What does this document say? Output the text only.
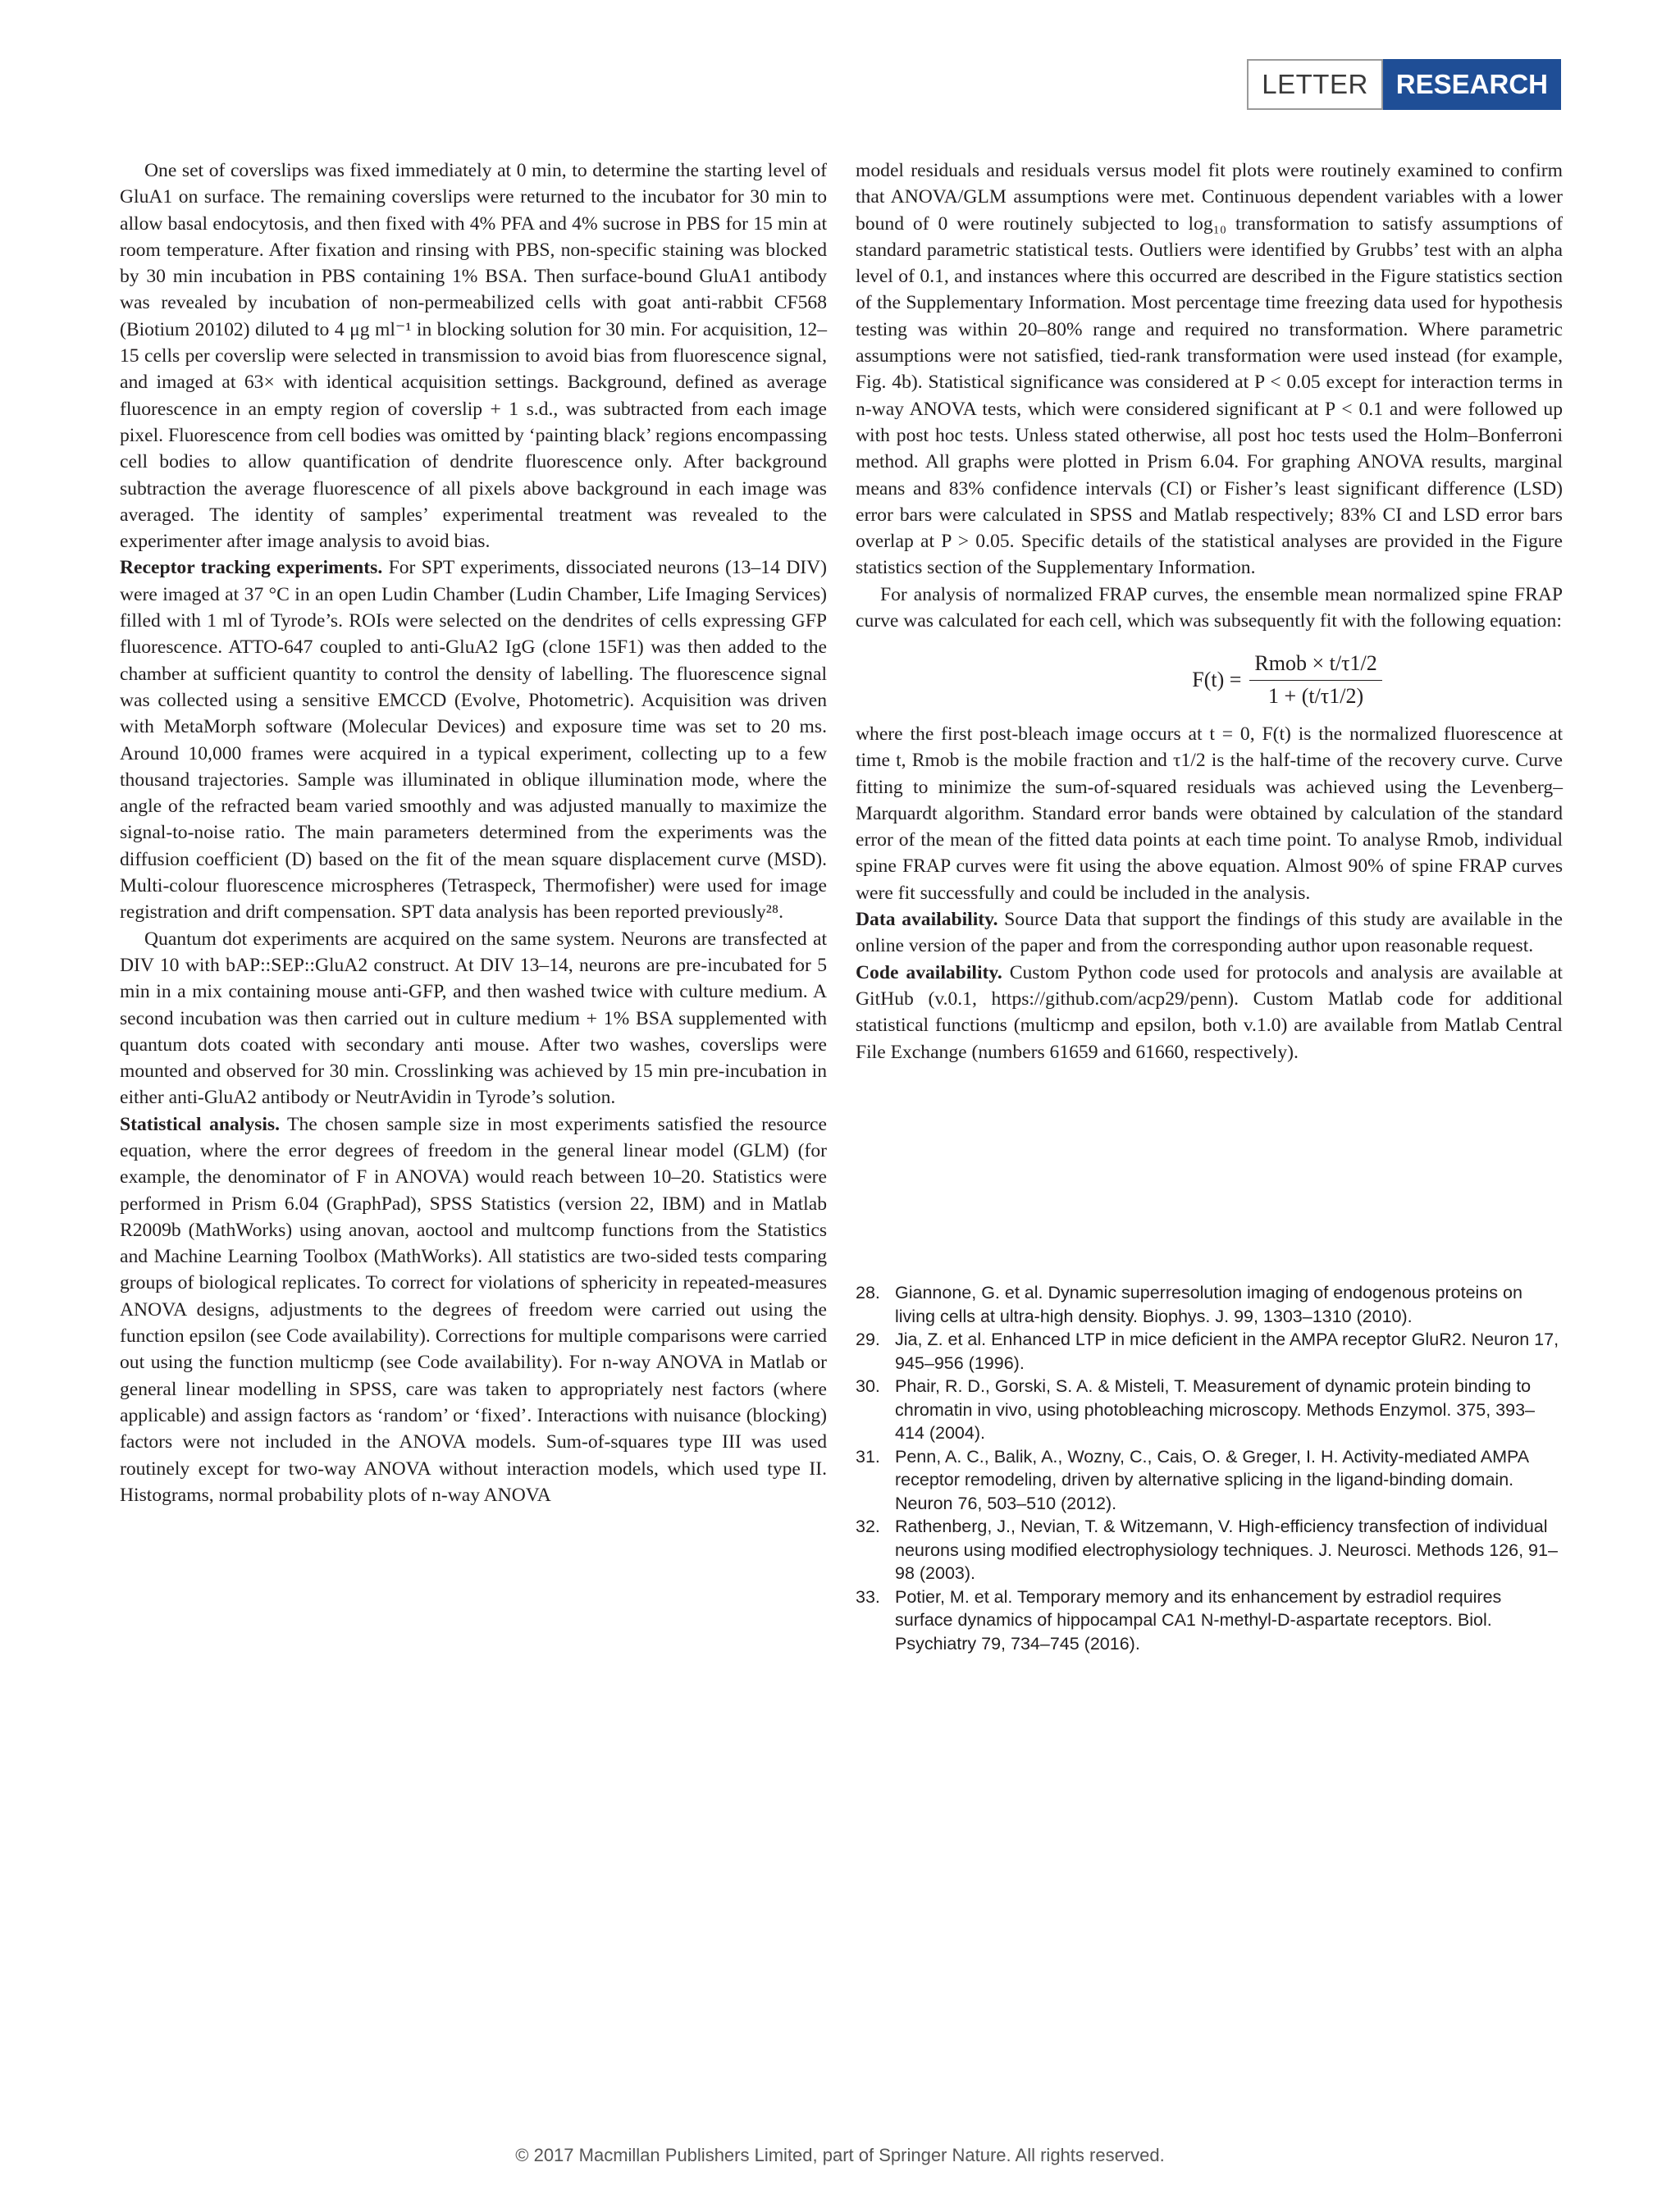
LETTER	RESEARCH

One set of coverslips was fixed immediately at 0 min, to determine the starting level of GluA1 on surface. The remaining coverslips were returned to the incubator for 30 min to allow basal endocytosis, and then fixed with 4% PFA and 4% sucrose in PBS for 15 min at room temperature. After fixation and rinsing with PBS, non-specific staining was blocked by 30 min incubation in PBS containing 1% BSA. Then surface-bound GluA1 antibody was revealed by incubation of non-permeabilized cells with goat anti-rabbit CF568 (Biotium 20102) diluted to 4 μg ml⁻¹ in blocking solution for 30 min. For acquisition, 12–15 cells per coverslip were selected in transmission to avoid bias from fluorescence signal, and imaged at 63× with identical acquisition settings. Background, defined as average fluorescence in an empty region of coverslip + 1 s.d., was subtracted from each image pixel. Fluorescence from cell bodies was omitted by ‘painting black’ regions encompassing cell bodies to allow quantification of dendrite fluorescence only. After background subtraction the average fluorescence of all pixels above background in each image was averaged. The identity of samples’ experimental treatment was revealed to the experimenter after image analysis to avoid bias.

Receptor tracking experiments. For SPT experiments, dissociated neurons (13–14 DIV) were imaged at 37 °C in an open Ludin Chamber (Ludin Chamber, Life Imaging Services) filled with 1 ml of Tyrode’s. ROIs were selected on the dendrites of cells expressing GFP fluorescence. ATTO-647 coupled to anti-GluA2 IgG (clone 15F1) was then added to the chamber at sufficient quantity to control the density of labelling. The fluorescence signal was collected using a sensitive EMCCD (Evolve, Photometric). Acquisition was driven with MetaMorph software (Molecular Devices) and exposure time was set to 20 ms. Around 10,000 frames were acquired in a typical experiment, collecting up to a few thousand trajectories. Sample was illuminated in oblique illumination mode, where the angle of the refracted beam varied smoothly and was adjusted manually to maximize the signal-to-noise ratio. The main parameters determined from the experiments was the diffusion coefficient (D) based on the fit of the mean square displacement curve (MSD). Multi-colour fluorescence microspheres (Tetraspeck, Thermofisher) were used for image registration and drift compensation. SPT data analysis has been reported previously²⁸.

Quantum dot experiments are acquired on the same system. Neurons are transfected at DIV 10 with bAP::SEP::GluA2 construct. At DIV 13–14, neurons are pre-incubated for 5 min in a mix containing mouse anti-GFP, and then washed twice with culture medium. A second incubation was then carried out in culture medium + 1% BSA supplemented with quantum dots coated with secondary anti mouse. After two washes, coverslips were mounted and observed for 30 min. Crosslinking was achieved by 15 min pre-incubation in either anti-GluA2 antibody or NeutrAvidin in Tyrode’s solution.

Statistical analysis. The chosen sample size in most experiments satisfied the resource equation, where the error degrees of freedom in the general linear model (GLM) (for example, the denominator of F in ANOVA) would reach between 10–20. Statistics were performed in Prism 6.04 (GraphPad), SPSS Statistics (version 22, IBM) and in Matlab R2009b (MathWorks) using anovan, aoctool and multcomp functions from the Statistics and Machine Learning Toolbox (MathWorks). All statistics are two-sided tests comparing groups of biological replicates. To correct for violations of sphericity in repeated-measures ANOVA designs, adjustments to the degrees of freedom were carried out using the function epsilon (see Code availability). Corrections for multiple comparisons were carried out using the function multicmp (see Code availability). For n-way ANOVA in Matlab or general linear modelling in SPSS, care was taken to appropriately nest factors (where applicable) and assign factors as ‘random’ or ‘fixed’. Interactions with nuisance (blocking) factors were not included in the ANOVA models. Sum-of-squares type III was used routinely except for two-way ANOVA without interaction models, which used type II. Histograms, normal probability plots of n-way ANOVA

model residuals and residuals versus model fit plots were routinely examined to confirm that ANOVA/GLM assumptions were met. Continuous dependent variables with a lower bound of 0 were routinely subjected to log₁₀ transformation to satisfy assumptions of standard parametric statistical tests. Outliers were identified by Grubbs’ test with an alpha level of 0.1, and instances where this occurred are described in the Figure statistics section of the Supplementary Information. Most percentage time freezing data used for hypothesis testing was within 20–80% range and required no transformation. Where parametric assumptions were not satisfied, tied-rank transformation were used instead (for example, Fig. 4b). Statistical significance was considered at P < 0.05 except for interaction terms in n-way ANOVA tests, which were considered significant at P < 0.1 and were followed up with post hoc tests. Unless stated otherwise, all post hoc tests used the Holm–Bonferroni method. All graphs were plotted in Prism 6.04. For graphing ANOVA results, marginal means and 83% confidence intervals (CI) or Fisher’s least significant difference (LSD) error bars were calculated in SPSS and Matlab respectively; 83% CI and LSD error bars overlap at P > 0.05. Specific details of the statistical analyses are provided in the Figure statistics section of the Supplementary Information.

For analysis of normalized FRAP curves, the ensemble mean normalized spine FRAP curve was calculated for each cell, which was subsequently fit with the following equation:

$F(t) = \frac{\text{Rmob × t/τ1/2}}{1 + (t/\tau 1/2)}$

where the first post-bleach image occurs at t = 0, F(t) is the normalized fluorescence at time t, Rmob is the mobile fraction and τ1/2 is the half-time of the recovery curve. Curve fitting to minimize the sum-of-squared residuals was achieved using the Levenberg–Marquardt algorithm. Standard error bands were obtained by calculation of the standard error of the mean of the fitted data points at each time point. To analyse Rmob, individual spine FRAP curves were fit using the above equation. Almost 90% of spine FRAP curves were fit successfully and could be included in the analysis.

Data availability. Source Data that support the findings of this study are available in the online version of the paper and from the corresponding author upon reasonable request.

Code availability. Custom Python code used for protocols and analysis are available at GitHub (v.0.1, https://github.com/acp29/penn). Custom Matlab code for additional statistical functions (multicmp and epsilon, both v.1.0) are available from Matlab Central File Exchange (numbers 61659 and 61660, respectively).

28. Giannone, G. et al. Dynamic superresolution imaging of endogenous proteins on living cells at ultra-high density. Biophys. J. 99, 1303–1310 (2010).
29. Jia, Z. et al. Enhanced LTP in mice deficient in the AMPA receptor GluR2. Neuron 17, 945–956 (1996).
30. Phair, R. D., Gorski, S. A. & Misteli, T. Measurement of dynamic protein binding to chromatin in vivo, using photobleaching microscopy. Methods Enzymol. 375, 393–414 (2004).
31. Penn, A. C., Balik, A., Wozny, C., Cais, O. & Greger, I. H. Activity-mediated AMPA receptor remodeling, driven by alternative splicing in the ligand-binding domain. Neuron 76, 503–510 (2012).
32. Rathenberg, J., Nevian, T. & Witzemann, V. High-efficiency transfection of individual neurons using modified electrophysiology techniques. J. Neurosci. Methods 126, 91–98 (2003).
33. Potier, M. et al. Temporary memory and its enhancement by estradiol requires surface dynamics of hippocampal CA1 N-methyl-D-aspartate receptors. Biol. Psychiatry 79, 734–745 (2016).
© 2017 Macmillan Publishers Limited, part of Springer Nature. All rights reserved.
